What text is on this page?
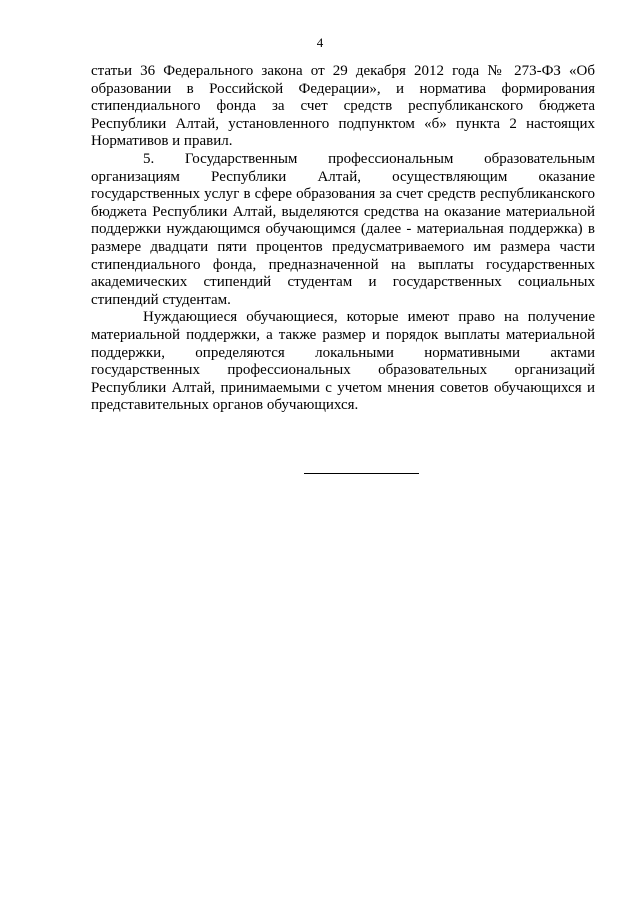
4

статьи 36 Федерального закона от 29 декабря 2012 года № 273-ФЗ «Об образовании в Российской Федерации», и норматива формирования стипендиального фонда за счет средств республиканского бюджета Республики Алтай, установленного подпунктом «б» пункта 2 настоящих Нормативов и правил.

5. Государственным профессиональным образовательным организациям Республики Алтай, осуществляющим оказание государственных услуг в сфере образования за счет средств республиканского бюджета Республики Алтай, выделяются средства на оказание материальной поддержки нуждающимся обучающимся (далее - материальная поддержка) в размере двадцати пяти процентов предусматриваемого им размера части стипендиального фонда, предназначенной на выплаты государственных академических стипендий студентам и государственных социальных стипендий студентам.

Нуждающиеся обучающиеся, которые имеют право на получение материальной поддержки, а также размер и порядок выплаты материальной поддержки, определяются локальными нормативными актами государственных профессиональных образовательных организаций Республики Алтай, принимаемыми с учетом мнения советов обучающихся и представительных органов обучающихся.
